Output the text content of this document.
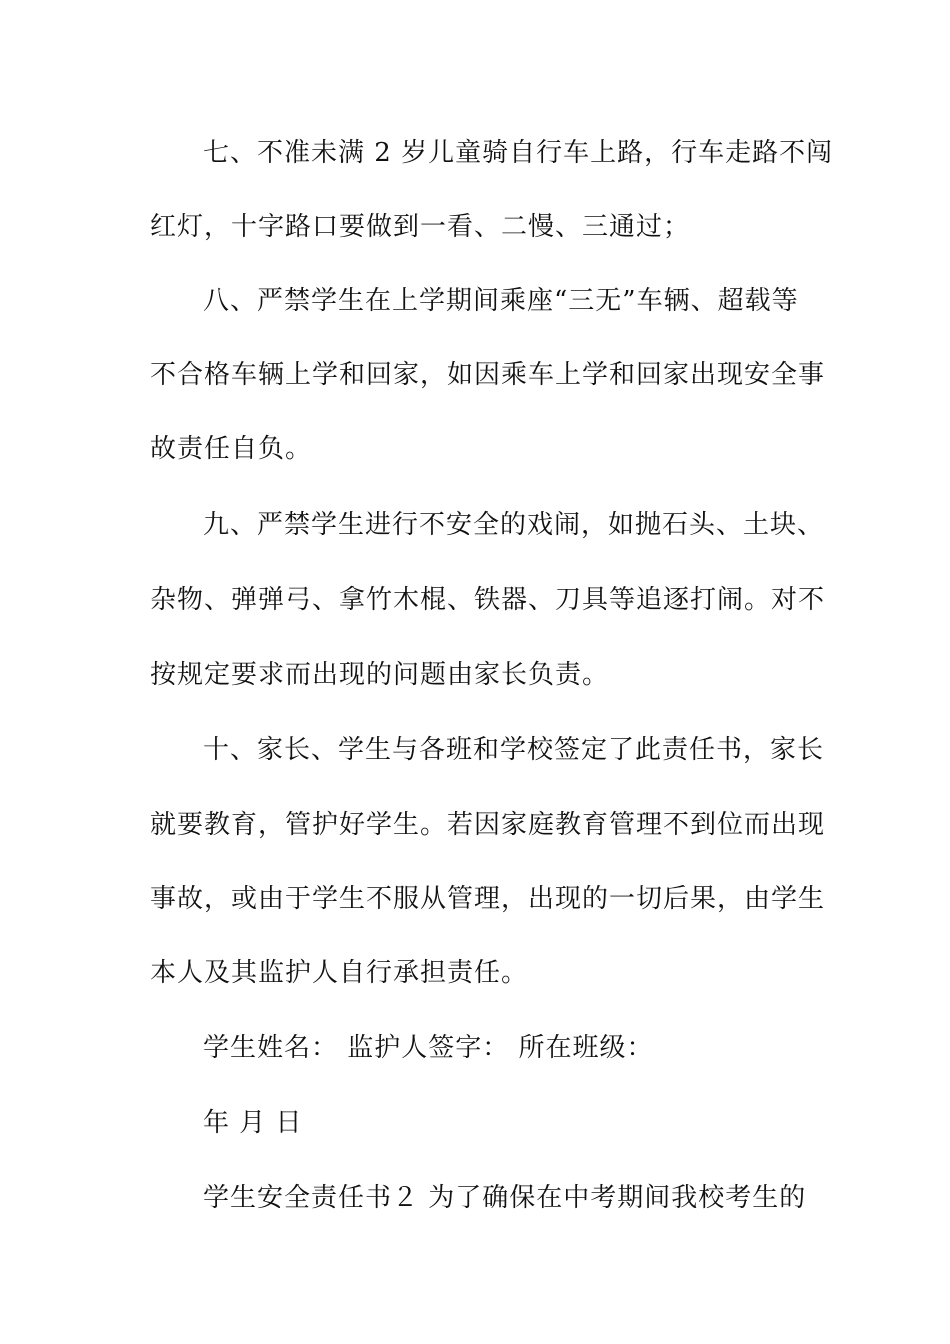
七、不准未满 2 岁儿童骑自行车上路，行车走路不闯
红灯，十字路口要做到一看、二慢、三通过；
八、严禁学生在上学期间乘座“三无”车辆、超载等
不合格车辆上学和回家，如因乘车上学和回家出现安全事
故责任自负。
九、严禁学生进行不安全的戏闹，如抛石头、土块、
杂物、弹弹弓、拿竹木棍、铁器、刀具等追逐打闹。对不
按规定要求而出现的问题由家长负责。
十、家长、学生与各班和学校签定了此责任书，家长
就要教育，管护好学生。若因家庭教育管理不到位而出现
事故，或由于学生不服从管理，出现的一切后果，由学生
本人及其监护人自行承担责任。
学生姓名： 监护人签字： 所在班级：
年 月 日
学生安全责任书２ 为了确保在中考期间我校考生的
